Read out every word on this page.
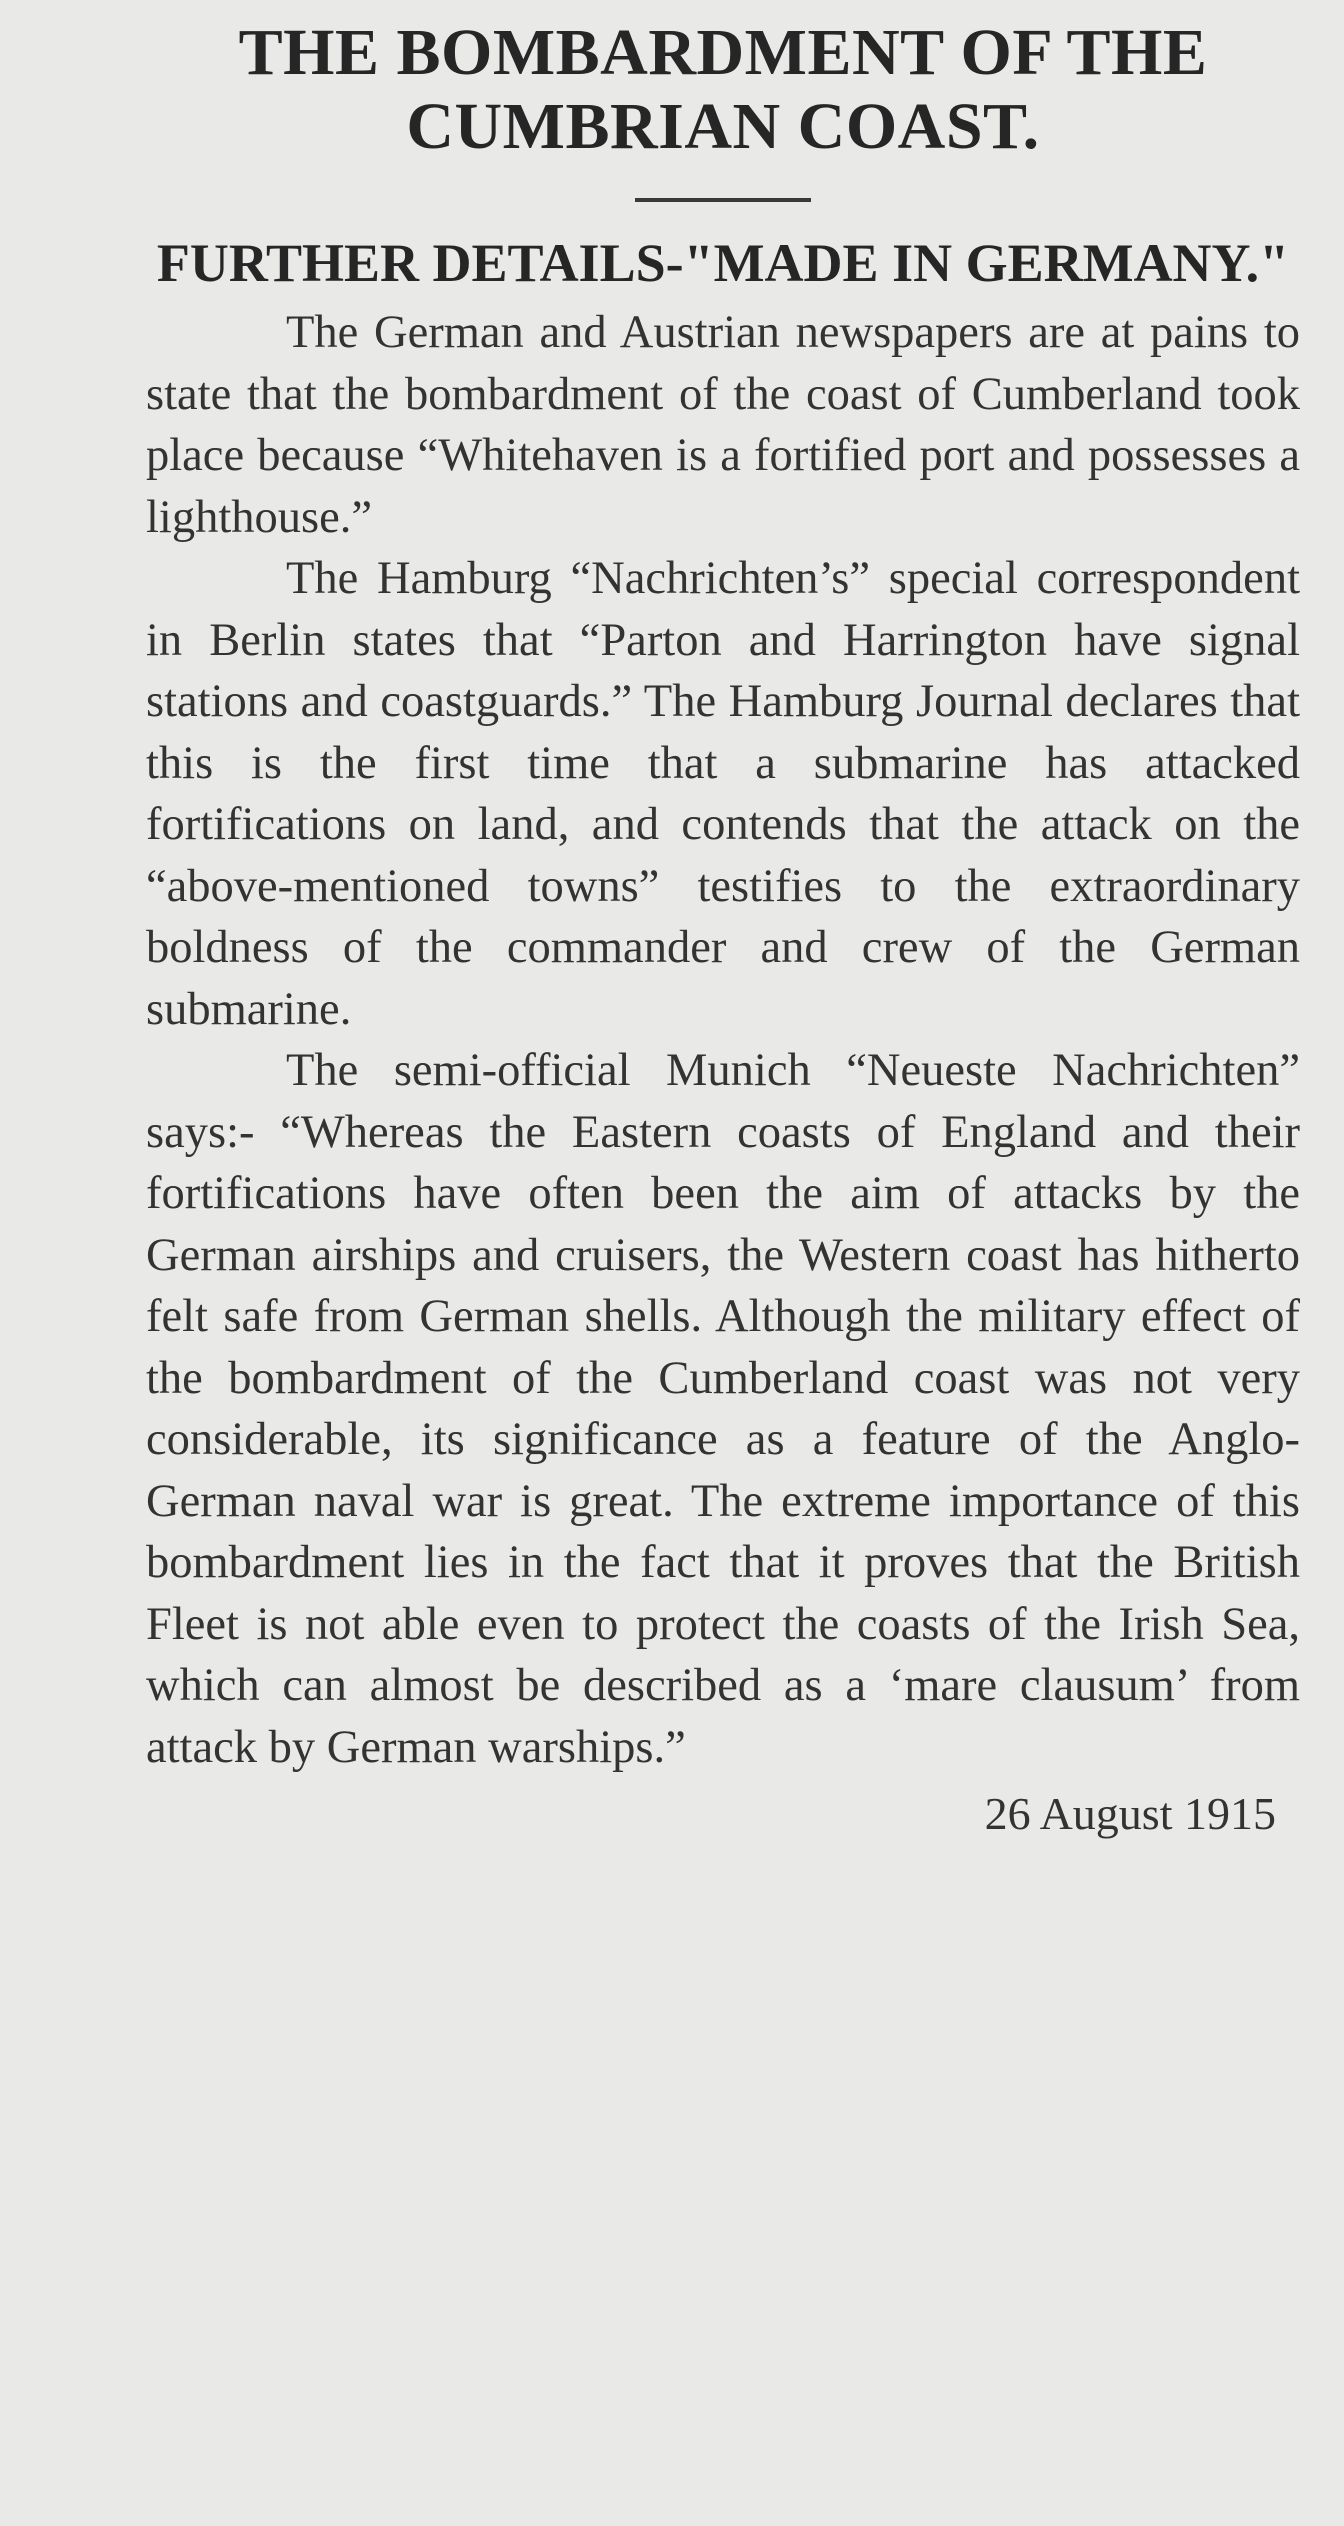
THE BOMBARDMENT OF THE CUMBRIAN COAST.
FURTHER DETAILS-"MADE IN GERMANY."

The German and Austrian newspapers are at pains to state that the bombardment of the coast of Cumberland took place because “Whitehaven is a fortified port and possesses a lighthouse.”

The Hamburg “Nachrichten’s” special correspondent in Berlin states that “Parton and Harrington have signal stations and coastguards.” The Hamburg Journal declares that this is the first time that a submarine has attacked fortifications on land, and contends that the attack on the “above-mentioned towns” testifies to the extraordinary boldness of the commander and crew of the German submarine.

The semi-official Munich “Neueste Nachrichten” says:- “Whereas the Eastern coasts of England and their fortifications have often been the aim of attacks by the German airships and cruisers, the Western coast has hitherto felt safe from German shells. Although the military effect of the bombardment of the Cumberland coast was not very considerable, its significance as a feature of the Anglo-German naval war is great. The extreme importance of this bombardment lies in the fact that it proves that the British Fleet is not able even to protect the coasts of the Irish Sea, which can almost be described as a ‘mare clausum’ from attack by German warships.”

26 August 1915
